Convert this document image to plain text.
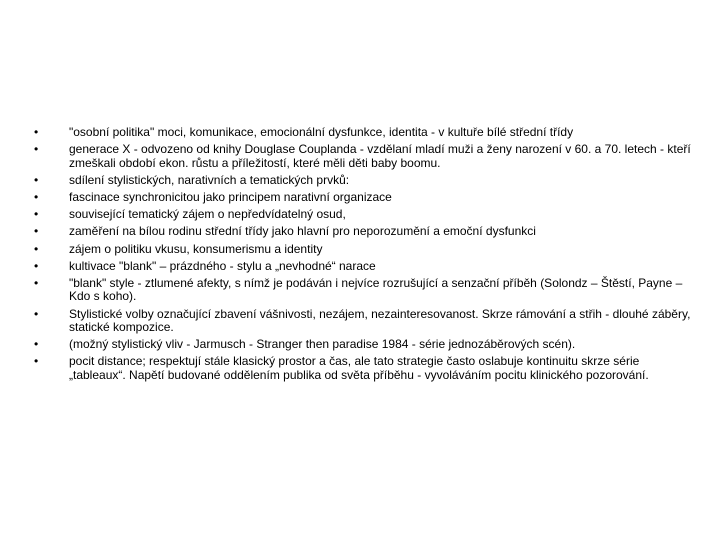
•	"osobní politika" moci, komunikace, emocionální dysfunkce, identita - v kultuře bílé střední třídy
•	generace X - odvozeno od knihy Douglase Couplanda - vzdělaní mladí muži a ženy narození v 60. a 70. letech - kteří zmeškali období ekon. růstu a příležitostí, které měli děti baby boomu.
•	sdílení stylistických, narativních a tematických prvků:
•	fascinace synchronicitou jako principem narativní organizace
•	související tematický zájem o nepředvídatelný osud,
•	zaměření na bílou rodinu střední třídy jako hlavní pro neporozumění a emoční dysfunkci
•	zájem o politiku vkusu, konsumerismu a identity
•	kultivace "blank" – prázdného - stylu a „nevhodné“ narace
•	"blank" style - ztlumené afekty, s nímž je podáván i nejvíce rozrušující a senzační příběh (Solondz – Štěstí, Payne – Kdo s koho).
•	Stylistické volby označující zbavení vášnivosti, nezájem, nezainteresovanost. Skrze rámování a střih - dlouhé záběry, statické kompozice.
•	(možný stylistický vliv - Jarmusch - Stranger then paradise 1984 - série jednozáběrových scén).
•	pocit distance; respektují stále klasický prostor a čas, ale tato strategie často oslabuje kontinuitu skrze série „tableaux“. Napětí budované oddělením publika od světa příběhu - vyvoláváním pocitu klinického pozorování.
